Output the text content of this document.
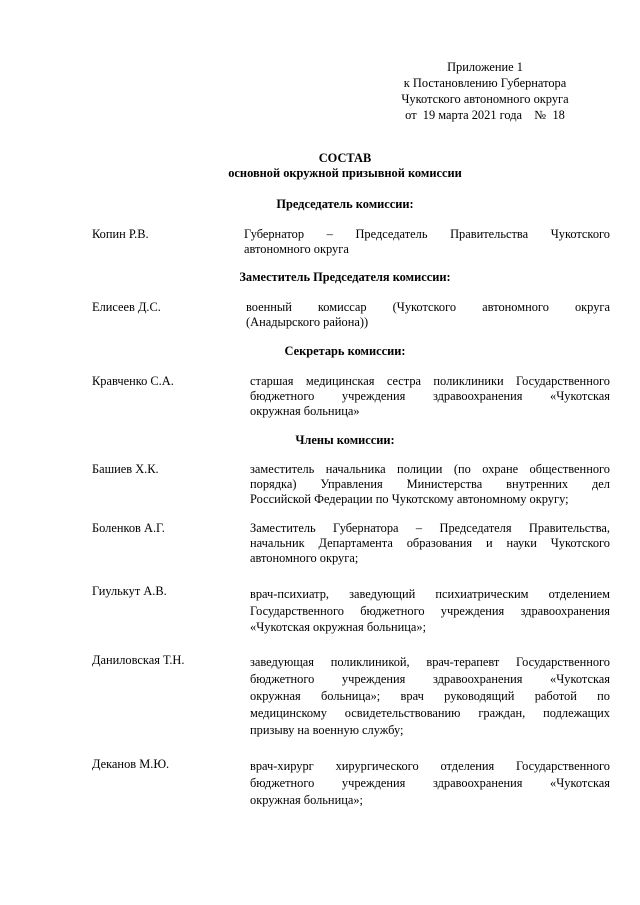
Приложение 1
к Постановлению Губернатора
Чукотского автономного округа
от  19 марта 2021 года    №  18
СОСТАВ
основной окружной призывной комиссии
Председатель комиссии:
Копин Р.В.	Губернатор   –   Председатель   Правительства   Чукотского
автономного округа
Заместитель Председателя комиссии:
Елисеев Д.С.	военный     комиссар     (Чукотского     автономного     округа
(Анадырского района))
Секретарь комиссии:
Кравченко С.А.	старшая медицинская сестра поликлиники Государственного
бюджетного      учреждения      здравоохранения      «Чукотская
окружная больница»
Члены комиссии:
Башиев Х.К.	заместитель начальника полиции (по охране общественного
порядка)   Управления   Министерства   внутренних   дел
Российской Федерации по Чукотскому автономному округу;
Боленков А.Г.	Заместитель Губернатора – Председателя Правительства,
начальник Департамента образования и науки Чукотского
автономного округа;
Гиулькут А.В.	врач-психиатр, заведующий психиатрическим отделением
Государственного бюджетного учреждения здравоохранения
«Чукотская окружная больница»;
Даниловская Т.Н.	заведующая поликлиникой, врач-терапевт Государственного
бюджетного      учреждения      здравоохранения      «Чукотская
окружная   больница»;   врач   руководящий   работой   по
медицинскому освидетельствованию граждан, подлежащих
призыву на военную службу;
Деканов М.Ю.	врач-хирург хирургического отделения Государственного
бюджетного      учреждения      здравоохранения      «Чукотская
окружная больница»;
